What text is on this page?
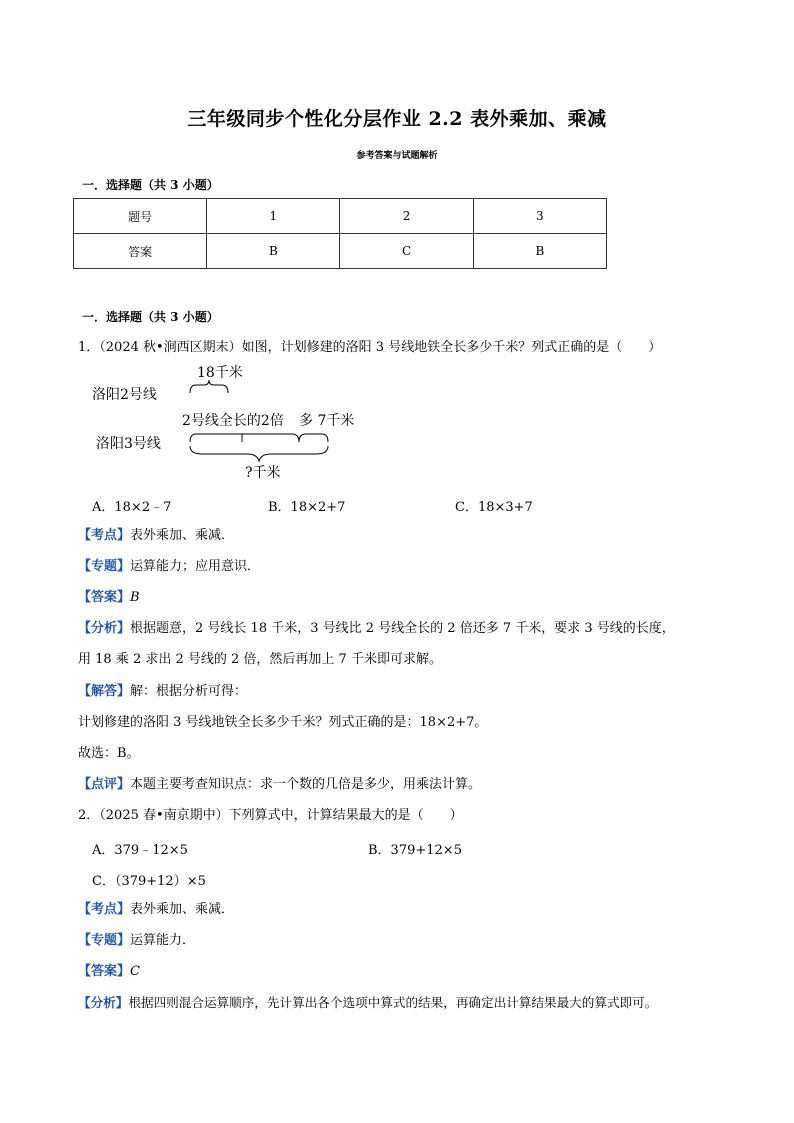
三年级同步个性化分层作业 2.2 表外乘加、乘减
参考答案与试题解析
一．选择题（共 3 小题）
题号	1	2	3
答案	B	C	B
一．选择题（共 3 小题）
1．（2024 秋•涧西区期末）如图，计划修建的洛阳 3 号线地铁全长多少千米？列式正确的是（　　）
洛阳2号线
洛阳3号线
18千米
2号线全长的2倍 多 7千米
?千米
A．18×2﹣7	B．18×2+7	C．18×3+7
【考点】表外乘加、乘减．
【专题】运算能力；应用意识．
【答案】B
【分析】根据题意，2 号线长 18 千米，3 号线比 2 号线全长的 2 倍还多 7 千米，要求 3 号线的长度，
用 18 乘 2 求出 2 号线的 2 倍，然后再加上 7 千米即可求解。
【解答】解：根据分析可得：
计划修建的洛阳 3 号线地铁全长多少千米？列式正确的是：18×2+7。
故选：B。
【点评】本题主要考查知识点：求一个数的几倍是多少，用乘法计算。
2．（2025 春•南京期中）下列算式中，计算结果最大的是（　　）
A．379﹣12×5	B．379+12×5
C．（379+12）×5
【考点】表外乘加、乘减．
【专题】运算能力．
【答案】C
【分析】根据四则混合运算顺序，先计算出各个选项中算式的结果，再确定出计算结果最大的算式即可。
